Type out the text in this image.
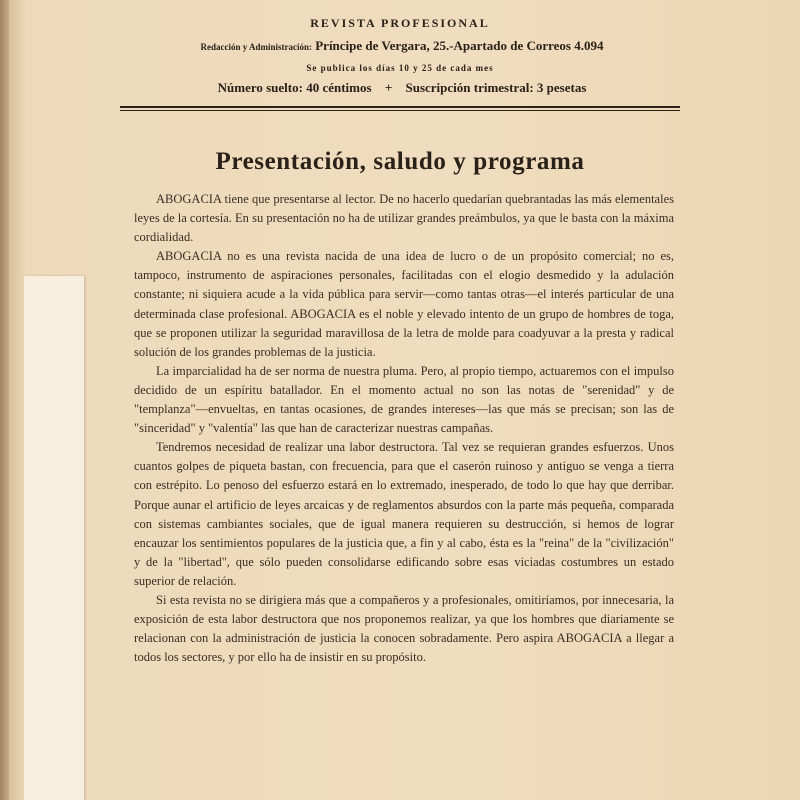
REVISTA PROFESIONAL
Redacción y Administración: Príncipe de Vergara, 25.-Apartado de Correos 4.094
Se publica los días 10 y 25 de cada mes
Número suelto: 40 céntimos + Suscripción trimestral: 3 pesetas
Presentación, saludo y programa

ABOGACIA tiene que presentarse al lector. De no hacerlo quedarían quebrantadas las más elementales leyes de la cortesía. En su presentación no ha de utilizar grandes preámbulos, ya que le basta con la máxima cordialidad.

ABOGACIA no es una revista nacida de una idea de lucro o de un propósito comercial; no es, tampoco, instrumento de aspiraciones personales, facilitadas con el elogio desmedido y la adulación constante; ni siquiera acude a la vida pública para servir—como tantas otras—el interés particular de una determinada clase profesional. ABOGACIA es el noble y elevado intento de un grupo de hombres de toga, que se proponen utilizar la seguridad maravillosa de la letra de molde para coadyuvar a la presta y radical solución de los grandes problemas de la justicia.

La imparcialidad ha de ser norma de nuestra pluma. Pero, al propio tiempo, actuaremos con el impulso decidido de un espíritu batallador. En el momento actual no son las notas de "serenidad" y de "templanza"—envueltas, en tantas ocasiones, de grandes intereses—las que más se precisan; son las de "sinceridad" y "valentía" las que han de caracterizar nuestras campañas.

Tendremos necesidad de realizar una labor destructora. Tal vez se requieran grandes esfuerzos. Unos cuantos golpes de piqueta bastan, con frecuencia, para que el caserón ruinoso y antiguo se venga a tierra con estrépito. Lo penoso del esfuerzo estará en lo extremado, inesperado, de todo lo que hay que derribar. Porque aunar el artificio de leyes arcaicas y de reglamentos absurdos con la parte más pequeña, comparada con sistemas cambiantes sociales, que de igual manera requieren su destrucción, si hemos de lograr encauzar los sentimientos populares de la justicia que, a fin y al cabo, ésta es la "reina" de la "civilización" y de la "libertad", que sólo pueden consolidarse edificando sobre esas viciadas costumbres un estado superior de relación.

Si esta revista no se dirigiera más que a compañeros y a profesionales, omitiríamos, por innecesaria, la exposición de esta labor destructora que nos proponemos realizar, ya que los hombres que diariamente se relacionan con la administración de justicia la conocen sobradamente. Pero aspira ABOGACIA a llegar a todos los sectores, y por ello ha de insistir en su propósito.
